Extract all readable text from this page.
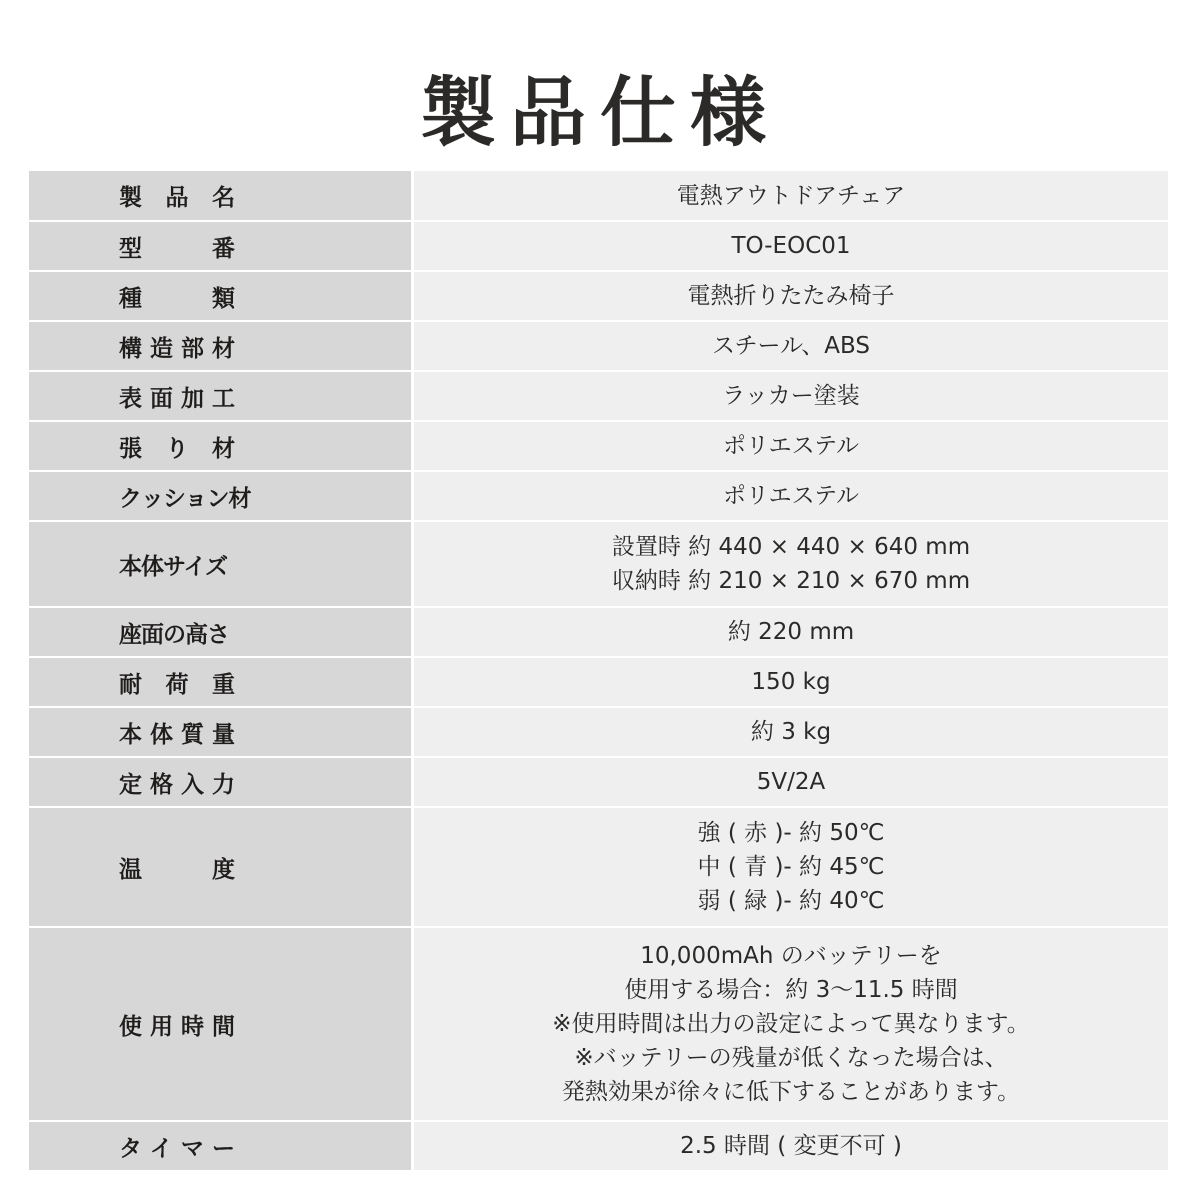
製品仕様
製品名	電熱アウトドアチェア

型番	TO-EOC01

種類	電熱折りたたみ椅子

構造部材	スチール、ABS

表面加工	ラッカー塗装

張り材	ポリエステル

クッション材	ポリエステル

本体サイズ	設置時 約 440 × 440 × 640 mm
収納時 約 210 × 210 × 670 mm

座面の高さ	約 220 mm

耐荷重	150 kg

本体質量	約 3 kg

定格入力	5V/2A

温度	強 ( 赤 )- 約 50℃
中 ( 青 )- 約 45℃
弱 ( 緑 )- 約 40℃

使用時間	10,000mAh のバッテリーを
使用する場合：約 3〜11.5 時間
※使用時間は出力の設定によって異なります。
※バッテリーの残量が低くなった場合は、
発熱効果が徐々に低下することがあります。

タイマー	2.5 時間 ( 変更不可 )
